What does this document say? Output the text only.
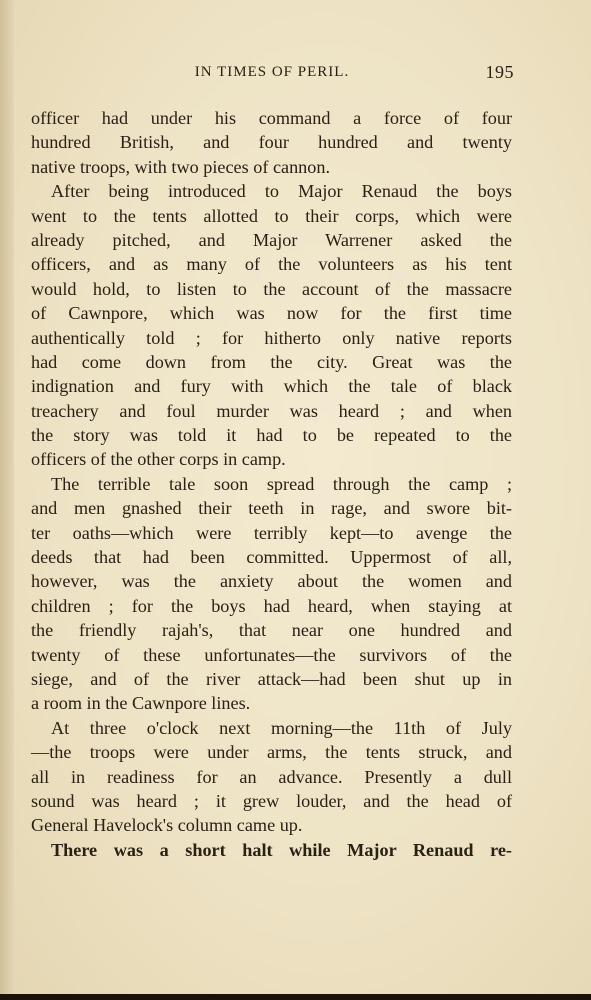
IN TIMES OF PERIL.	195
officer had under his command a force of four
hundred British, and four hundred and twenty
native troops, with two pieces of cannon.
After being introduced to Major Renaud the boys
went to the tents allotted to their corps, which were
already pitched, and Major Warrener asked the
officers, and as many of the volunteers as his tent
would hold, to listen to the account of the massacre
of Cawnpore, which was now for the first time
authentically told ; for hitherto only native reports
had come down from the city. Great was the
indignation and fury with which the tale of black
treachery and foul murder was heard ; and when
the story was told it had to be repeated to the
officers of the other corps in camp.
The terrible tale soon spread through the camp ;
and men gnashed their teeth in rage, and swore bit-
ter oaths—which were terribly kept—to avenge the
deeds that had been committed. Uppermost of all,
however, was the anxiety about the women and
children ; for the boys had heard, when staying at
the friendly rajah's, that near one hundred and
twenty of these unfortunates—the survivors of the
siege, and of the river attack—had been shut up in
a room in the Cawnpore lines.
At three o'clock next morning—the 11th of July
—the troops were under arms, the tents struck, and
all in readiness for an advance. Presently a dull
sound was heard ; it grew louder, and the head of
General Havelock's column came up.
There was a short halt while Major Renaud re-
